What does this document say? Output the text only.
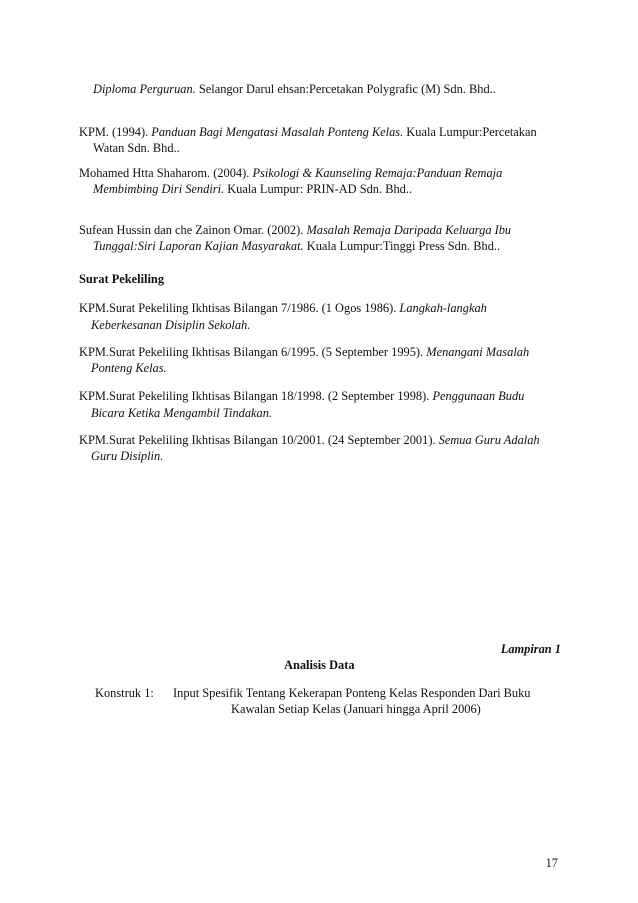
Diploma Perguruan. Selangor Darul ehsan:Percetakan Polygrafic (M) Sdn. Bhd..
KPM. (1994). Panduan Bagi Mengatasi Masalah Ponteng Kelas. Kuala Lumpur:Percetakan
Watan Sdn. Bhd..
Mohamed Htta Shaharom. (2004). Psikologi & Kaunseling Remaja:Panduan Remaja
Membimbing Diri Sendiri. Kuala Lumpur: PRIN-AD Sdn. Bhd..
Sufean Hussin dan che Zainon Omar. (2002). Masalah Remaja Daripada Keluarga Ibu
Tunggal:Siri Laporan Kajian Masyarakat. Kuala Lumpur:Tinggi Press Sdn. Bhd..
Surat Pekeliling
KPM.Surat Pekeliling Ikhtisas Bilangan 7/1986. (1 Ogos 1986). Langkah-langkah
Keberkesanan Disiplin Sekolah.
KPM.Surat Pekeliling Ikhtisas Bilangan 6/1995. (5 September 1995). Menangani Masalah
Ponteng Kelas.
KPM.Surat Pekeliling Ikhtisas Bilangan 18/1998. (2 September 1998). Penggunaan Budu
Bicara Ketika Mengambil Tindakan.
KPM.Surat Pekeliling Ikhtisas Bilangan 10/2001. (24 September 2001). Semua Guru Adalah
Guru Disiplin.
Lampiran 1
Analisis Data
Konstruk 1: Input Spesifik Tentang Kekerapan Ponteng Kelas Responden Dari Buku
Kawalan Setiap Kelas (Januari hingga April 2006)
17
